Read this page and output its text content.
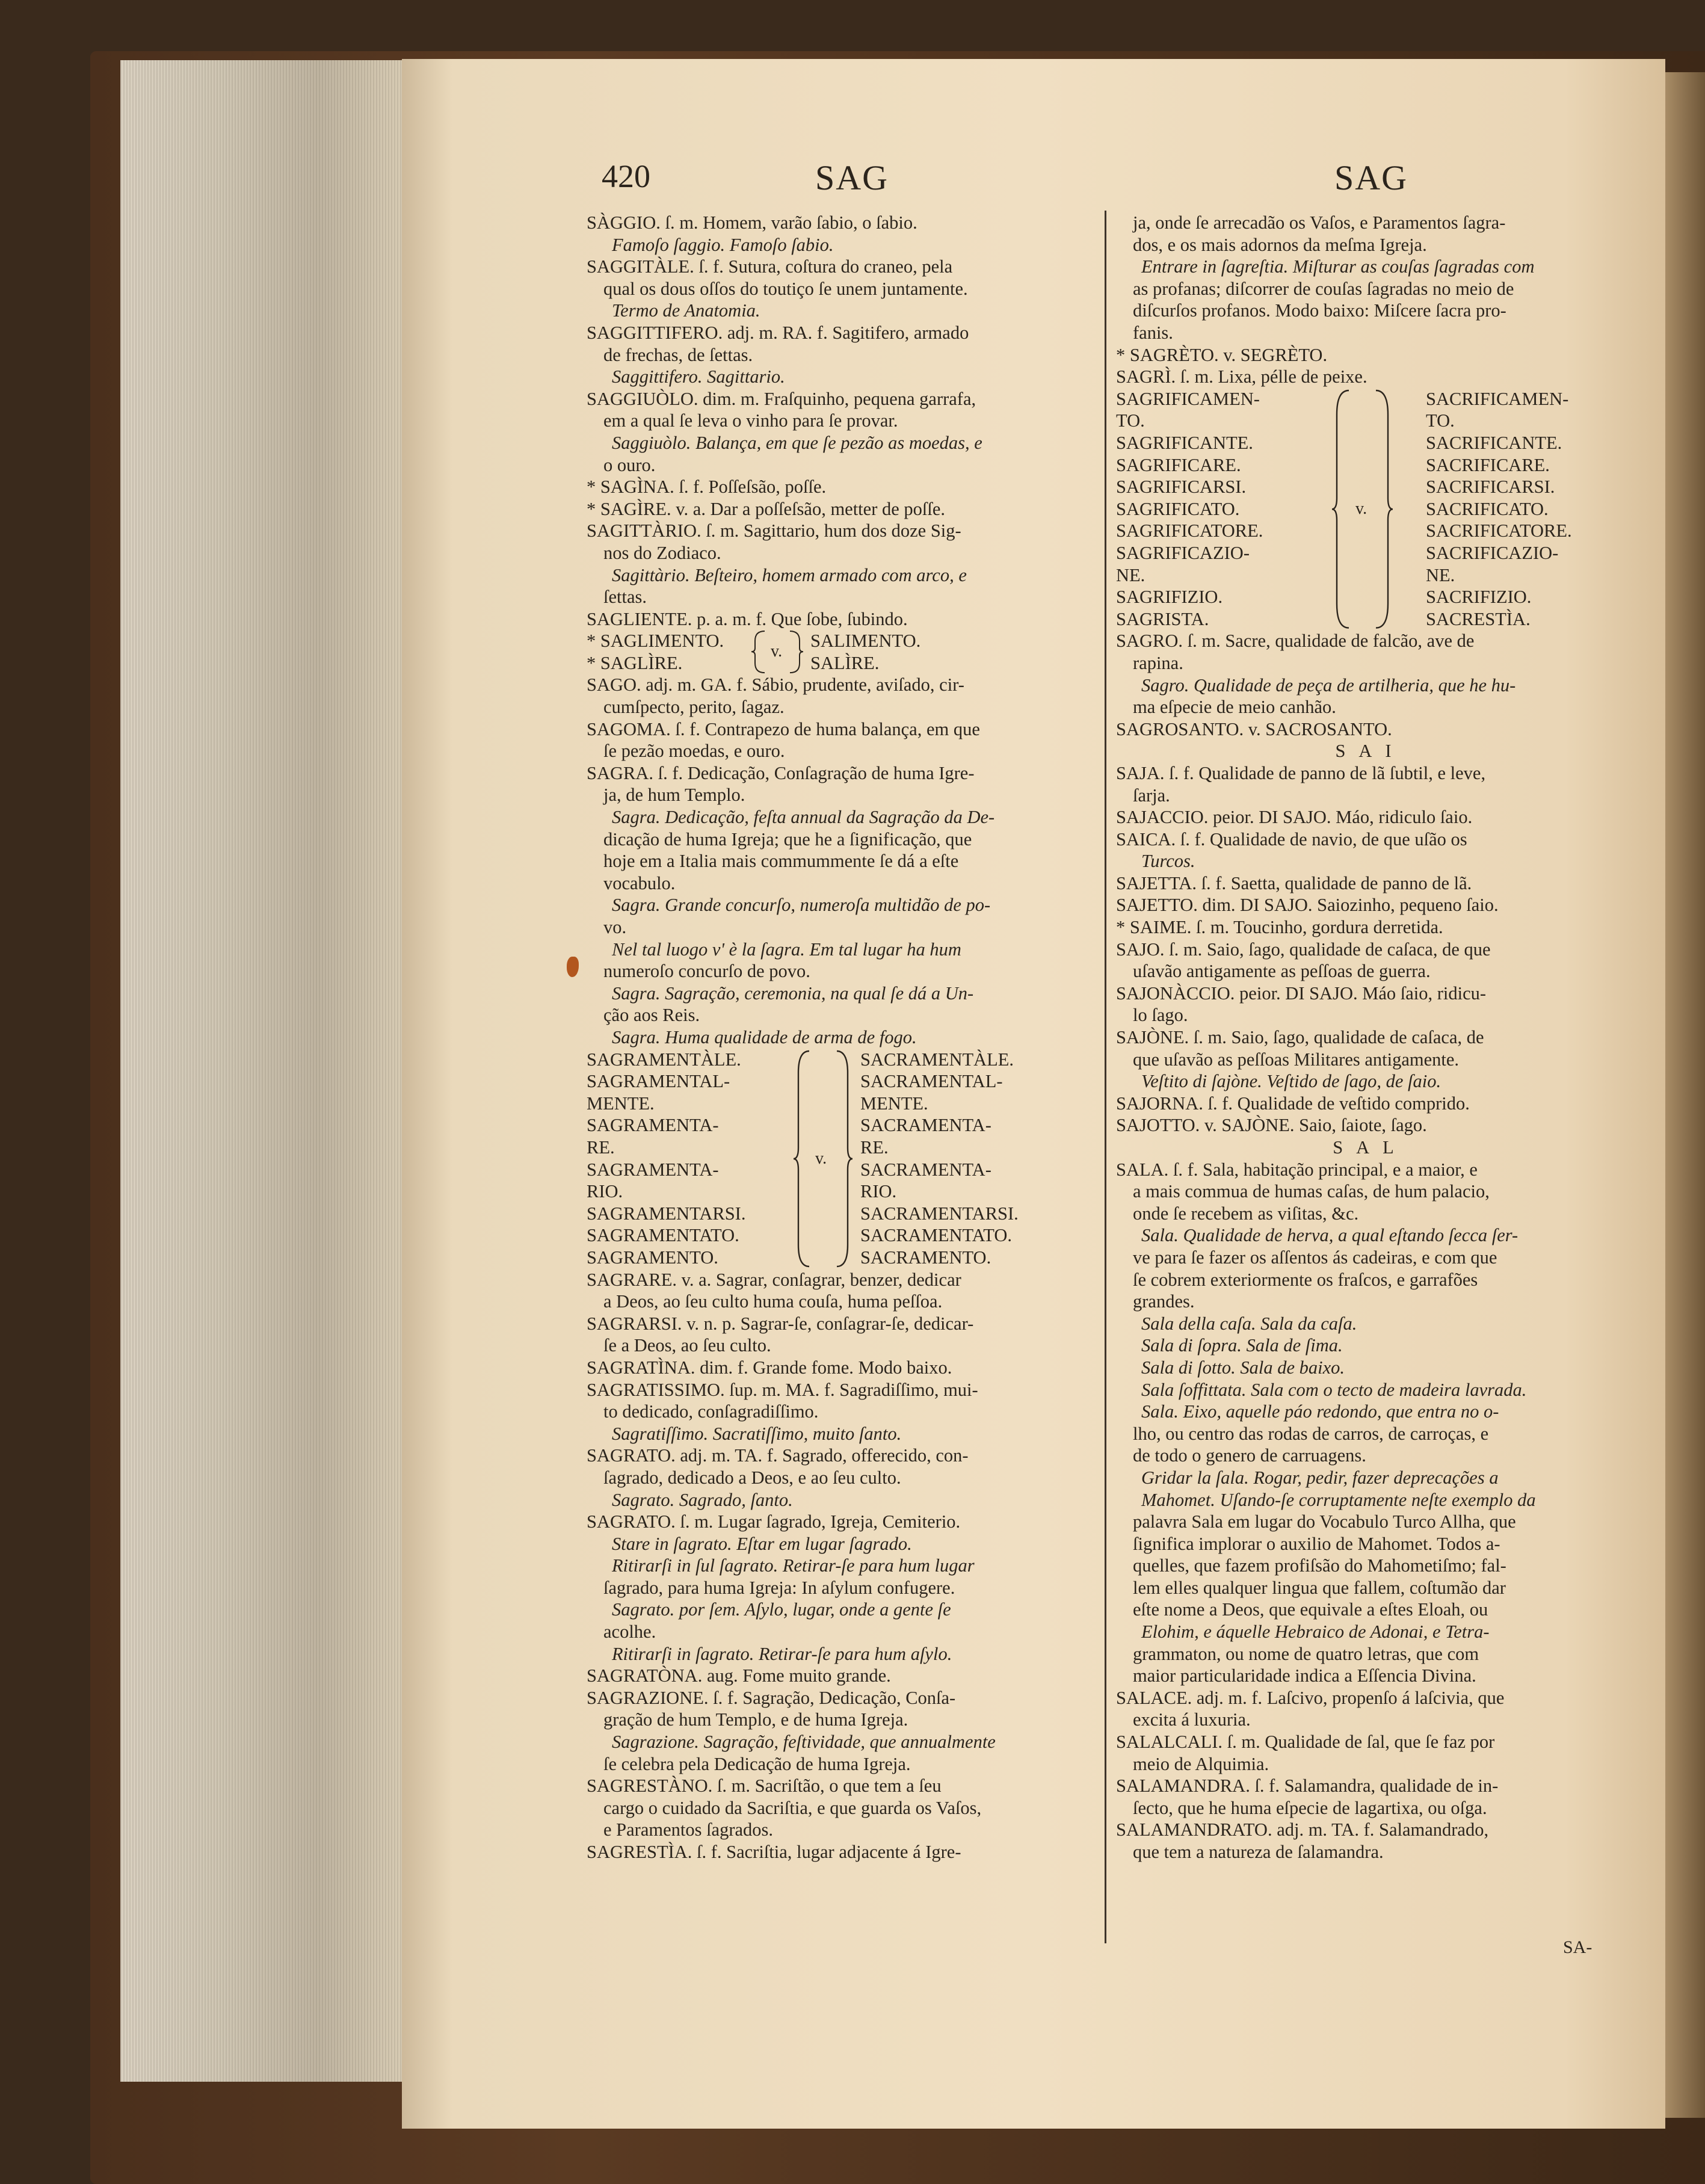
420	SAG	SAG
SÀGGIO. ſ. m. Homem, varão ſabio, o ſabio.
Famoſo ſaggio. Famoſo ſabio.
SAGGITÀLE. ſ. f. Sutura, coſtura do craneo, pela
qual os dous oſſos do toutiço ſe unem juntamente.
Termo de Anatomia.
SAGGITTIFERO. adj. m. RA. f. Sagitifero, armado
de frechas, de ſettas.
Saggittifero. Sagittario.
SAGGIUÒLO. dim. m. Fraſquinho, pequena garrafa,
em a qual ſe leva o vinho para ſe provar.
Saggiuòlo. Balança, em que ſe pezão as moedas, e
o ouro.
* SAGÌNA. ſ. f. Poſſeſsão, poſſe.
* SAGÌRE. v. a. Dar a poſſeſsão, metter de poſſe.
SAGITTÀRIO. ſ. m. Sagittario, hum dos doze Sig-
nos do Zodiaco.
Sagittàrio. Beſteiro, homem armado com arco, e
ſettas.
SAGLIENTE. p. a. m. f. Que ſobe, ſubindo.
* SAGLIMENTO.
* SAGLÌRE.
v.
SALIMENTO.
SALÌRE.
SAGO. adj. m. GA. f. Sábio, prudente, aviſado, cir-
cumſpecto, perito, ſagaz.
SAGOMA. ſ. f. Contrapezo de huma balança, em que
ſe pezão moedas, e ouro.
SAGRA. ſ. f. Dedicação, Conſagração de huma Igre-
ja, de hum Templo.
Sagra. Dedicação, feſta annual da Sagração da De-
dicação de huma Igreja; que he a ſignificação, que
hoje em a Italia mais commummente ſe dá a eſte
vocabulo.
Sagra. Grande concurſo, numeroſa multidão de po-
vo.
Nel tal luogo v' è la ſagra. Em tal lugar ha hum
numeroſo concurſo de povo.
Sagra. Sagração, ceremonia, na qual ſe dá a Un-
ção aos Reis.
Sagra. Huma qualidade de arma de fogo.
SAGRAMENTÀLE.
SAGRAMENTAL-
MENTE.
SAGRAMENTA-
RE.
SAGRAMENTA-
RIO.
SAGRAMENTARSI.
SAGRAMENTATO.
SAGRAMENTO.
v.
SACRAMENTÀLE.
SACRAMENTAL-
MENTE.
SACRAMENTA-
RE.
SACRAMENTA-
RIO.
SACRAMENTARSI.
SACRAMENTATO.
SACRAMENTO.
SAGRARE. v. a. Sagrar, conſagrar, benzer, dedicar
a Deos, ao ſeu culto huma couſa, huma peſſoa.
SAGRARSI. v. n. p. Sagrar-ſe, conſagrar-ſe, dedicar-
ſe a Deos, ao ſeu culto.
SAGRATÌNA. dim. f. Grande fome. Modo baixo.
SAGRATISSIMO. ſup. m. MA. f. Sagradiſſimo, mui-
to dedicado, conſagradiſſimo.
Sagratiſſimo. Sacratiſſimo, muito ſanto.
SAGRATO. adj. m. TA. f. Sagrado, offerecido, con-
ſagrado, dedicado a Deos, e ao ſeu culto.
Sagrato. Sagrado, ſanto.
SAGRATO. ſ. m. Lugar ſagrado, Igreja, Cemiterio.
Stare in ſagrato. Eſtar em lugar ſagrado.
Ritirarſi in ſul ſagrato. Retirar-ſe para hum lugar
ſagrado, para huma Igreja: In aſylum confugere.
Sagrato. por ſem. Aſylo, lugar, onde a gente ſe
acolhe.
Ritirarſi in ſagrato. Retirar-ſe para hum aſylo.
SAGRATÒNA. aug. Fome muito grande.
SAGRAZIONE. ſ. f. Sagração, Dedicação, Conſa-
gração de hum Templo, e de huma Igreja.
Sagrazione. Sagração, feſtividade, que annualmente
ſe celebra pela Dedicação de huma Igreja.
SAGRESTÀNO. ſ. m. Sacriſtão, o que tem a ſeu
cargo o cuidado da Sacriſtia, e que guarda os Vaſos,
e Paramentos ſagrados.
SAGRESTÌA. ſ. f. Sacriſtia, lugar adjacente á Igre-
ja, onde ſe arrecadão os Vaſos, e Paramentos ſagra-
dos, e os mais adornos da meſma Igreja.
Entrare in ſagreſtia. Miſturar as couſas ſagradas com
as profanas; diſcorrer de couſas ſagradas no meio de
diſcurſos profanos. Modo baixo: Miſcere ſacra pro-
fanis.
* SAGRÈTO. v. SEGRÈTO.
SAGRÌ. ſ. m. Lixa, pélle de peixe.
SAGRIFICAMEN-
TO.
SAGRIFICANTE.
SAGRIFICARE.
SAGRIFICARSI.
SAGRIFICATO.
SAGRIFICATORE.
SAGRIFICAZIO-
NE.
SAGRIFIZIO.
SAGRISTA.
v.
SACRIFICAMEN-
TO.
SACRIFICANTE.
SACRIFICARE.
SACRIFICARSI.
SACRIFICATO.
SACRIFICATORE.
SACRIFICAZIO-
NE.
SACRIFIZIO.
SACRESTÌA.
SAGRO. ſ. m. Sacre, qualidade de falcão, ave de
rapina.
Sagro. Qualidade de peça de artilheria, que he hu-
ma eſpecie de meio canhão.
SAGROSANTO. v. SACROSANTO.
S A I
SAJA. ſ. f. Qualidade de panno de lã ſubtil, e leve,
ſarja.
SAJACCIO. peior. DI SAJO. Máo, ridiculo ſaio.
SAICA. ſ. f. Qualidade de navio, de que uſão os
Turcos.
SAJETTA. ſ. f. Saetta, qualidade de panno de lã.
SAJETTO. dim. DI SAJO. Saiozinho, pequeno ſaio.
* SAIME. ſ. m. Toucinho, gordura derretida.
SAJO. ſ. m. Saio, ſago, qualidade de caſaca, de que
uſavão antigamente as peſſoas de guerra.
SAJONÀCCIO. peior. DI SAJO. Máo ſaio, ridicu-
lo ſago.
SAJÒNE. ſ. m. Saio, ſago, qualidade de caſaca, de
que uſavão as peſſoas Militares antigamente.
Veſtito di ſajòne. Veſtido de ſago, de ſaio.
SAJORNA. ſ. f. Qualidade de veſtido comprido.
SAJOTTO. v. SAJÒNE. Saio, ſaiote, ſago.
S A L
SALA. ſ. f. Sala, habitação principal, e a maior, e
a mais commua de humas caſas, de hum palacio,
onde ſe recebem as viſitas, &c.
Sala. Qualidade de herva, a qual eſtando ſecca ſer-
ve para ſe fazer os aſſentos ás cadeiras, e com que
ſe cobrem exteriormente os fraſcos, e garrafões
grandes.
Sala della caſa. Sala da caſa.
Sala di ſopra. Sala de ſima.
Sala di ſotto. Sala de baixo.
Sala ſoffittata. Sala com o tecto de madeira lavrada.
Sala. Eixo, aquelle páo redondo, que entra no o-
lho, ou centro das rodas de carros, de carroças, e
de todo o genero de carruagens.
Gridar la ſala. Rogar, pedir, fazer deprecações a
Mahomet. Uſando-ſe corruptamente neſte exemplo da
palavra Sala em lugar do Vocabulo Turco Allha, que
ſignifica implorar o auxilio de Mahomet. Todos a-
quelles, que fazem profiſsão do Mahometiſmo; fal-
lem elles qualquer lingua que fallem, coſtumão dar
eſte nome a Deos, que equivale a eſtes Eloah, ou
Elohim, e áquelle Hebraico de Adonai, e Tetra-
grammaton, ou nome de quatro letras, que com
maior particularidade indica a Eſſencia Divina.
SALACE. adj. m. f. Laſcivo, propenſo á laſcivia, que
excita á luxuria.
SALALCALI. ſ. m. Qualidade de ſal, que ſe faz por
meio de Alquimia.
SALAMANDRA. ſ. f. Salamandra, qualidade de in-
ſecto, que he huma eſpecie de lagartixa, ou oſga.
SALAMANDRATO. adj. m. TA. f. Salamandrado,
que tem a natureza de ſalamandra.
SA-
